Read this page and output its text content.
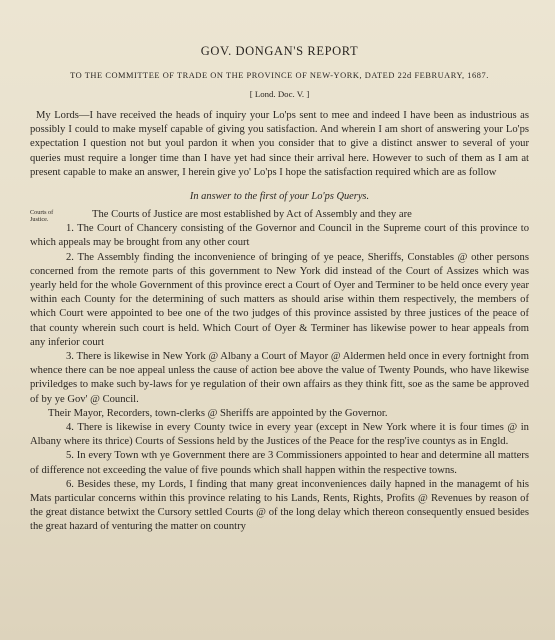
GOV. DONGAN'S REPORT

TO THE COMMITTEE OF TRADE ON THE PROVINCE OF NEW-YORK, DATED 22d FEBRUARY, 1687.

[ Lond. Doc. V. ]

My Lords—I have received the heads of inquiry your Lo'ps sent to mee and indeed I have been as industrious as possibly I could to make myself capable of giving you satisfaction. And wherein I am short of answering your Lo'ps expectation I question not but youl pardon it when you consider that to give a distinct answer to several of your queries must require a longer time than I have yet had since their arrival here. However to such of them as I am at present capable to make an answer, I herein give yo' Lo'ps I hope the satisfaction required which are as follow

In answer to the first of your Lo'ps Querys.

Courts of Justice.	The Courts of Justice are most established by Act of Assembly and they are

1. The Court of Chancery consisting of the Governor and Council in the Supreme court of this province to which appeals may be brought from any other court

2. The Assembly finding the inconvenience of bringing of ye peace, Sheriffs, Constables @ other persons concerned from the remote parts of this government to New York did instead of the Court of Assizes which was yearly held for the whole Government of this province erect a Court of Oyer and Terminer to be held once every year within each County for the determining of such matters as should arise within them respectively, the members of which Court were appointed to bee one of the two judges of this province assisted by three justices of the peace of that county wherein such court is held. Which Court of Oyer & Terminer has likewise power to hear appeals from any inferior court

3. There is likewise in New York @ Albany a Court of Mayor @ Aldermen held once in every fortnight from whence there can be noe appeal unless the cause of action bee above the value of Twenty Pounds, who have likewise priviledges to make such by-laws for ye regulation of their own affairs as they think fitt, soe as the same be approved of by ye Gov' @ Council.

Their Mayor, Recorders, town-clerks @ Sheriffs are appointed by the Governor.

4. There is likewise in every County twice in every year (except in New York where it is four times @ in Albany where its thrice) Courts of Sessions held by the Justices of the Peace for the resp'ive countys as in Engld.

5. In every Town wth ye Government there are 3 Commissioners appointed to hear and determine all matters of difference not exceeding the value of five pounds which shall happen within the respective towns.

6. Besides these, my Lords, I finding that many great inconveniences daily hapned in the managemt of his Mats particular concerns within this province relating to his Lands, Rents, Rights, Profits @ Revenues by reason of the great distance betwixt the Cursory settled Courts @ of the long delay which thereon consequently ensued besides the great hazard of venturing the matter on country
